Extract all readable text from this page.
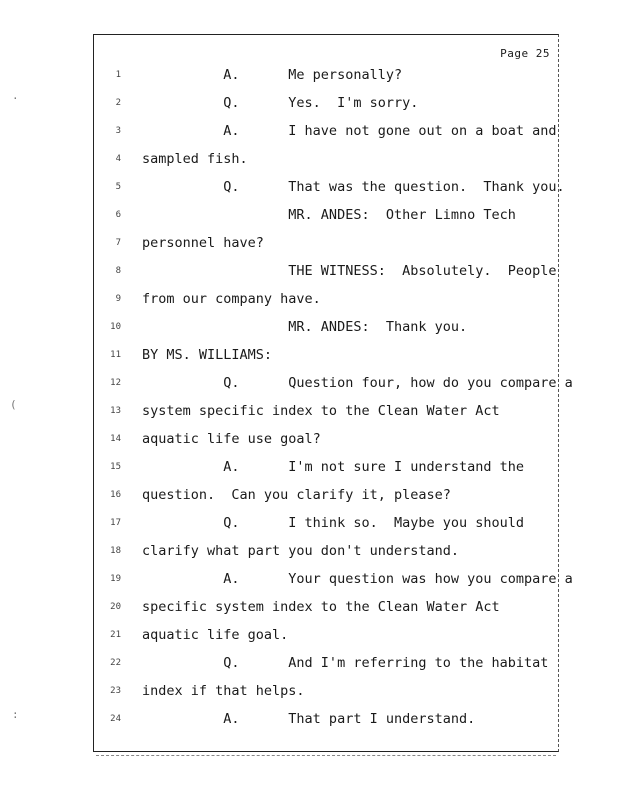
Page 25
1 A.      Me personally?
2 Q.      Yes.  I'm sorry.
3 A.      I have not gone out on a boat and
4 sampled fish.
5 Q.      That was the question.  Thank you.
6 MR. ANDES:  Other Limno Tech
7 personnel have?
8 THE WITNESS:  Absolutely.  People
9 from our company have.
10 MR. ANDES:  Thank you.
11 BY MS. WILLIAMS:
12 Q.      Question four, how do you compare a
13 system specific index to the Clean Water Act
14 aquatic life use goal?
15 A.      I'm not sure I understand the
16 question.  Can you clarify it, please?
17 Q.      I think so.  Maybe you should
18 clarify what part you don't understand.
19 A.      Your question was how you compare a
20 specific system index to the Clean Water Act
21 aquatic life goal.
22 Q.      And I'm referring to the habitat
23 index if that helps.
24 A.      That part I understand.
·
(
:
